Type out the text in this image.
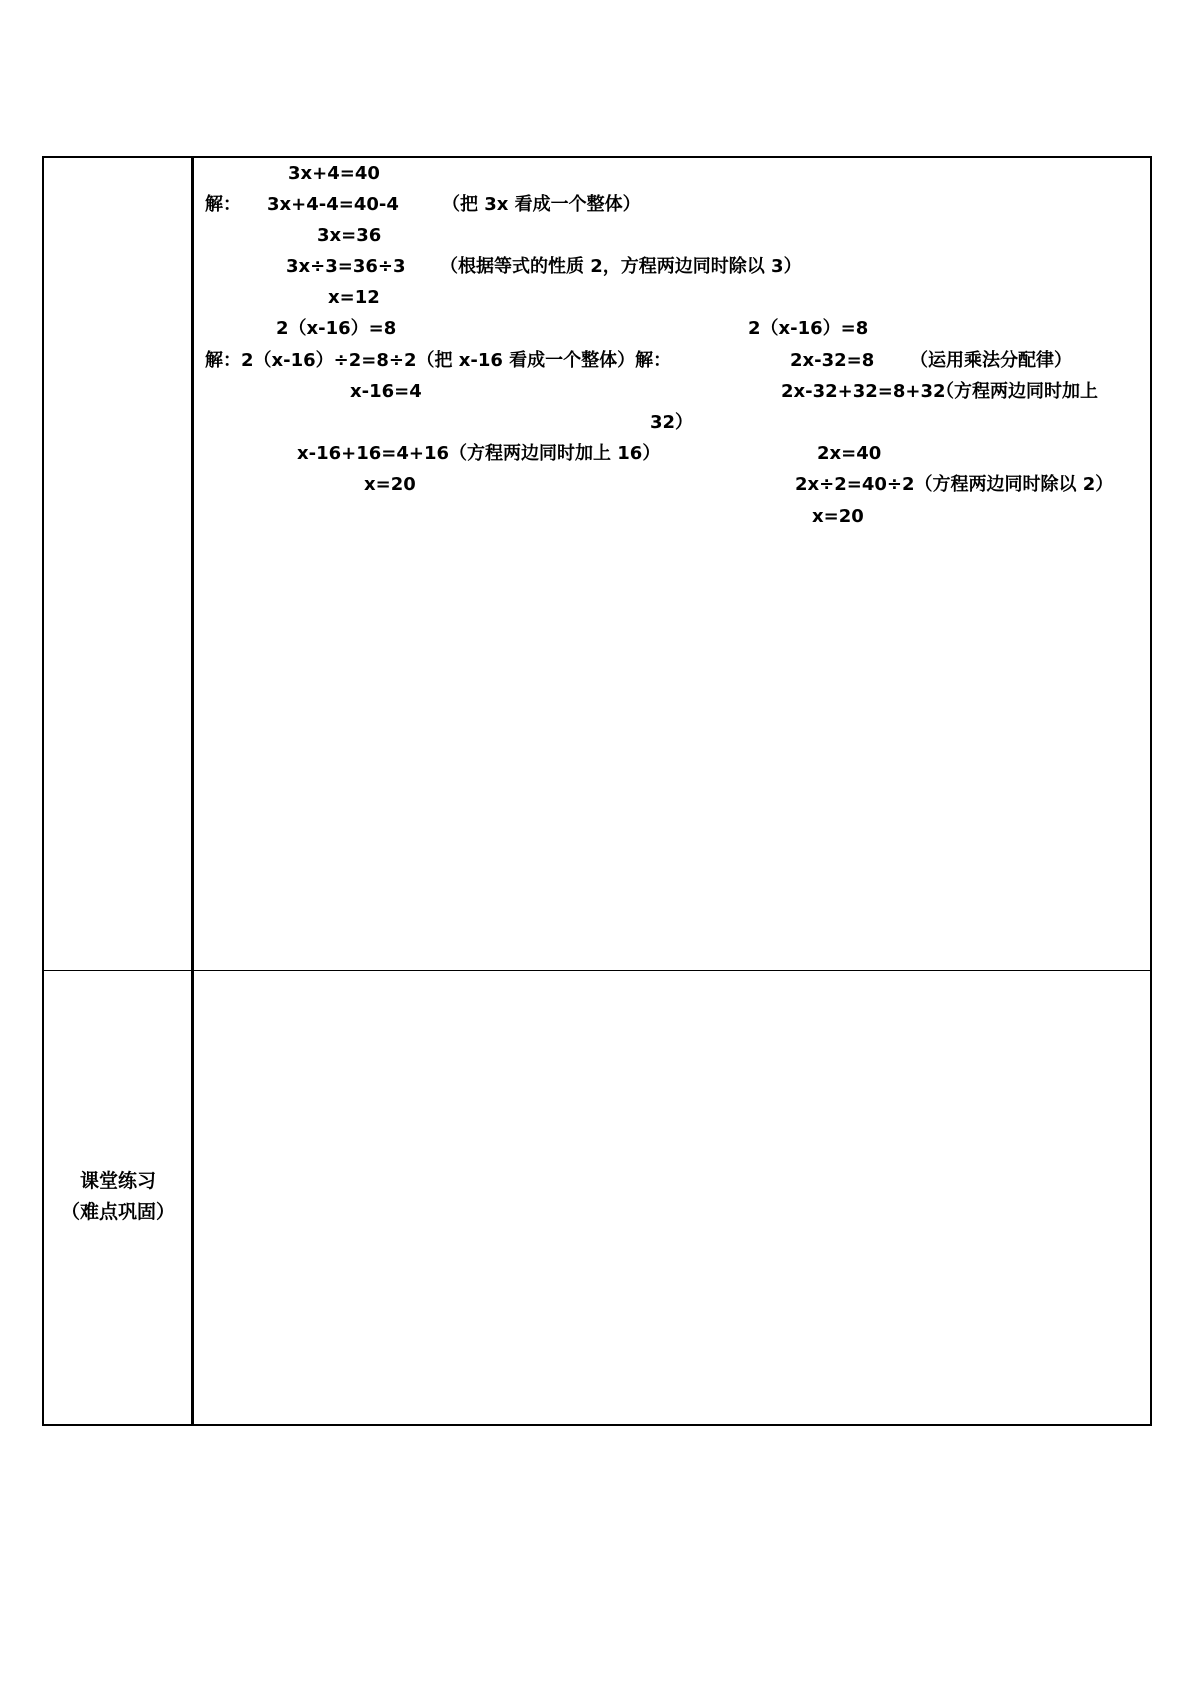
3x+4=40
解： 3x+4-4=40-4 （把 3x 看成一个整体）
3x=36
3x÷3=36÷3 （根据等式的性质 2，方程两边同时除以 3）
x=12
2（x-16）=8	2（x-16）=8
解：2（x-16）÷2=8÷2（把 x-16 看成一个整体）解：	2x-32=8 （运用乘法分配律）
x-16=4	2x-32+32=8+32
（方程两边同时加上
32）
x-16+16=4+16（方程两边同时加上 16）	2x=40
x=20	2x÷2=40÷2（方程两边同时除以 2）
x=20
课堂练习
（难点巩固）
